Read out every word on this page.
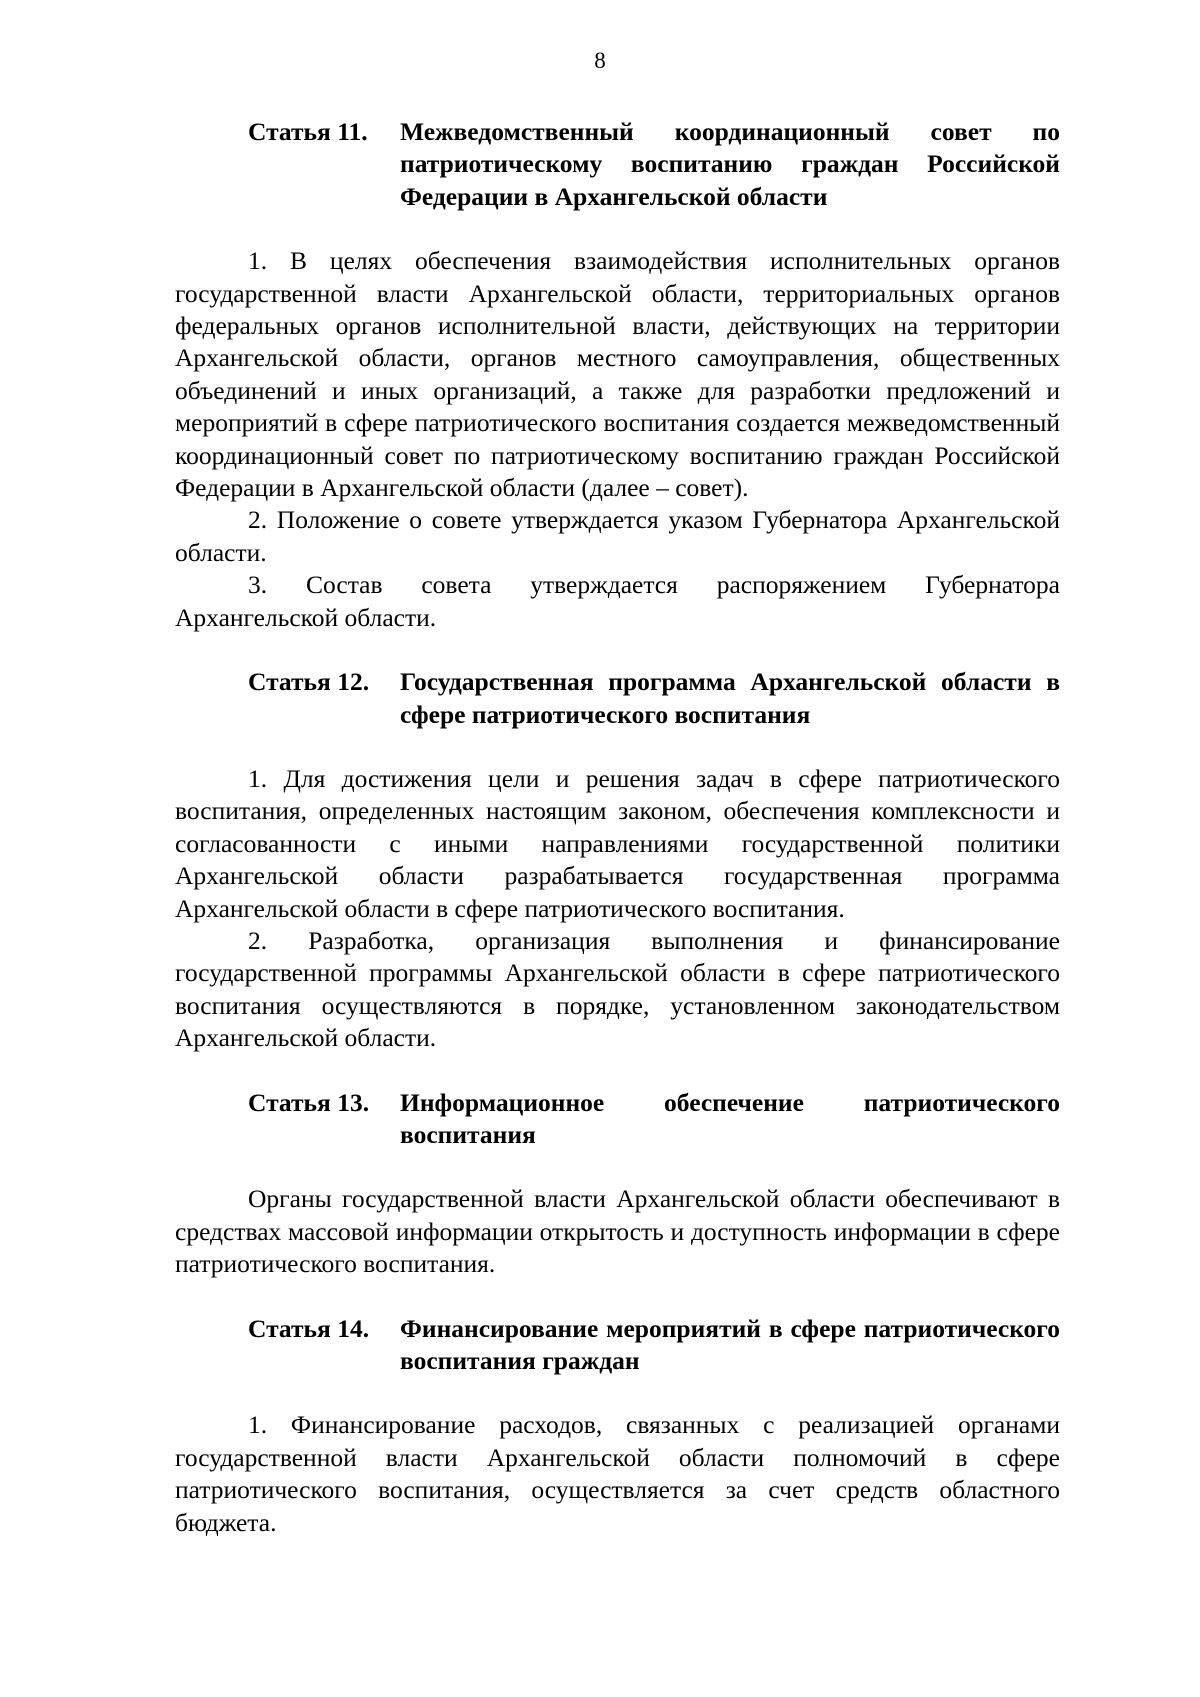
8
Статья 11.	Межведомственный координационный совет по патриотическому воспитанию граждан Российской Федерации в Архангельской области

1. В целях обеспечения взаимодействия исполнительных органов государственной власти Архангельской области, территориальных органов федеральных органов исполнительной власти, действующих на территории Архангельской области, органов местного самоуправления, общественных объединений и иных организаций, а также для разработки предложений и мероприятий в сфере патриотического воспитания создается межведомственный координационный совет по патриотическому воспитанию граждан Российской Федерации в Архангельской области (далее – совет).

2. Положение о совете утверждается указом Губернатора Архангельской области.

3. Состав совета утверждается распоряжением Губернатора Архангельской области.

Статья 12.	Государственная программа Архангельской области в сфере патриотического воспитания

1. Для достижения цели и решения задач в сфере патриотического воспитания, определенных настоящим законом, обеспечения комплексности и согласованности с иными направлениями государственной политики Архангельской области разрабатывается государственная программа Архангельской области в сфере патриотического воспитания.

2. Разработка, организация выполнения и финансирование государственной программы Архангельской области в сфере патриотического воспитания осуществляются в порядке, установленном законодательством Архангельской области.

Статья 13.	Информационное обеспечение патриотического воспитания

Органы государственной власти Архангельской области обеспечивают в средствах массовой информации открытость и доступность информации в сфере патриотического воспитания.

Статья 14.	Финансирование мероприятий в сфере патриотического воспитания граждан

1. Финансирование расходов, связанных с реализацией органами государственной власти Архангельской области полномочий в сфере патриотического воспитания, осуществляется за счет средств областного бюджета.
